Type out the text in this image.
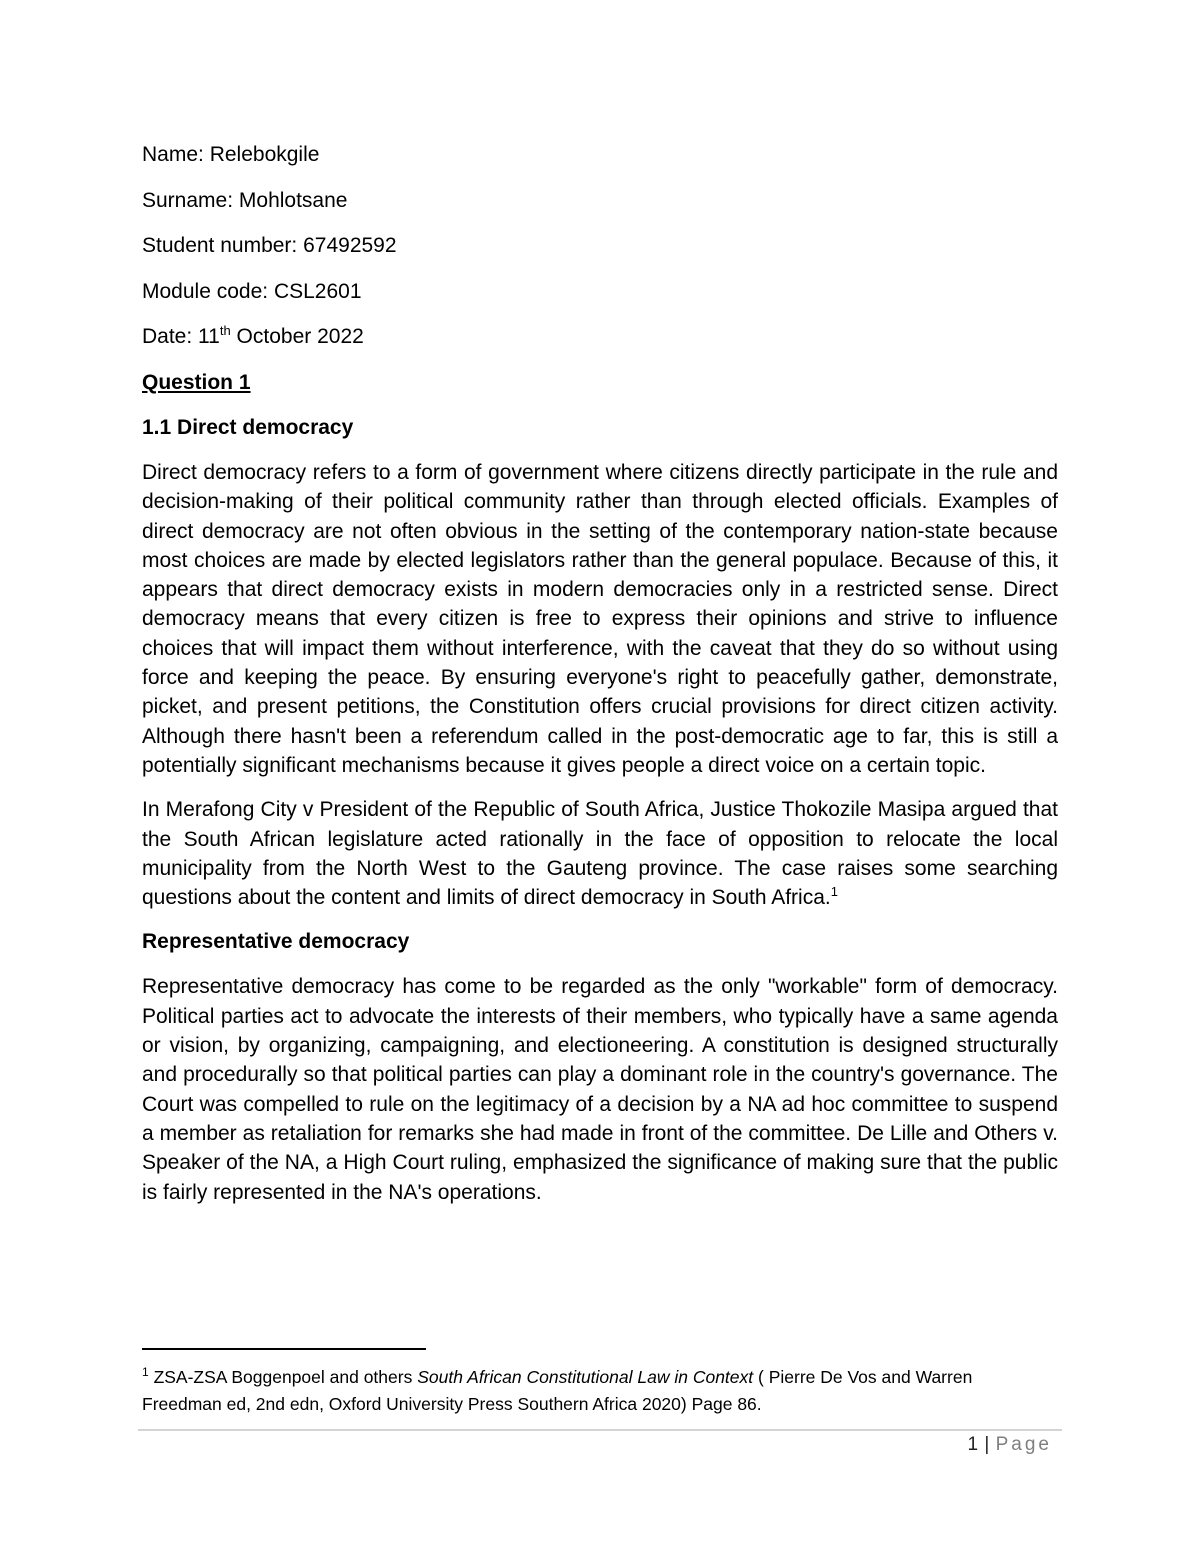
Name: Relebokgile

Surname: Mohlotsane

Student number: 67492592

Module code: CSL2601

Date: 11th October 2022

Question 1

1.1 Direct democracy

Direct democracy refers to a form of government where citizens directly participate in the rule and decision-making of their political community rather than through elected officials. Examples of direct democracy are not often obvious in the setting of the contemporary nation-state because most choices are made by elected legislators rather than the general populace. Because of this, it appears that direct democracy exists in modern democracies only in a restricted sense. Direct democracy means that every citizen is free to express their opinions and strive to influence choices that will impact them without interference, with the caveat that they do so without using force and keeping the peace. By ensuring everyone's right to peacefully gather, demonstrate, picket, and present petitions, the Constitution offers crucial provisions for direct citizen activity. Although there hasn't been a referendum called in the post-democratic age to far, this is still a potentially significant mechanisms because it gives people a direct voice on a certain topic.

In Merafong City v President of the Republic of South Africa, Justice Thokozile Masipa argued that the South African legislature acted rationally in the face of opposition to relocate the local municipality from the North West to the Gauteng province. The case raises some searching questions about the content and limits of direct democracy in South Africa.$^1$

Representative democracy

Representative democracy has come to be regarded as the only "workable" form of democracy. Political parties act to advocate the interests of their members, who typically have a same agenda or vision, by organizing, campaigning, and electioneering. A constitution is designed structurally and procedurally so that political parties can play a dominant role in the country's governance. The Court was compelled to rule on the legitimacy of a decision by a NA ad hoc committee to suspend a member as retaliation for remarks she had made in front of the committee. De Lille and Others v. Speaker of the NA, a High Court ruling, emphasized the significance of making sure that the public is fairly represented in the NA's operations.

$^1$ ZSA-ZSA Boggenpoel and others South African Constitutional Law in Context ( Pierre De Vos and Warren Freedman ed, 2nd edn, Oxford University Press Southern Africa 2020) Page 86.
1 | Page
